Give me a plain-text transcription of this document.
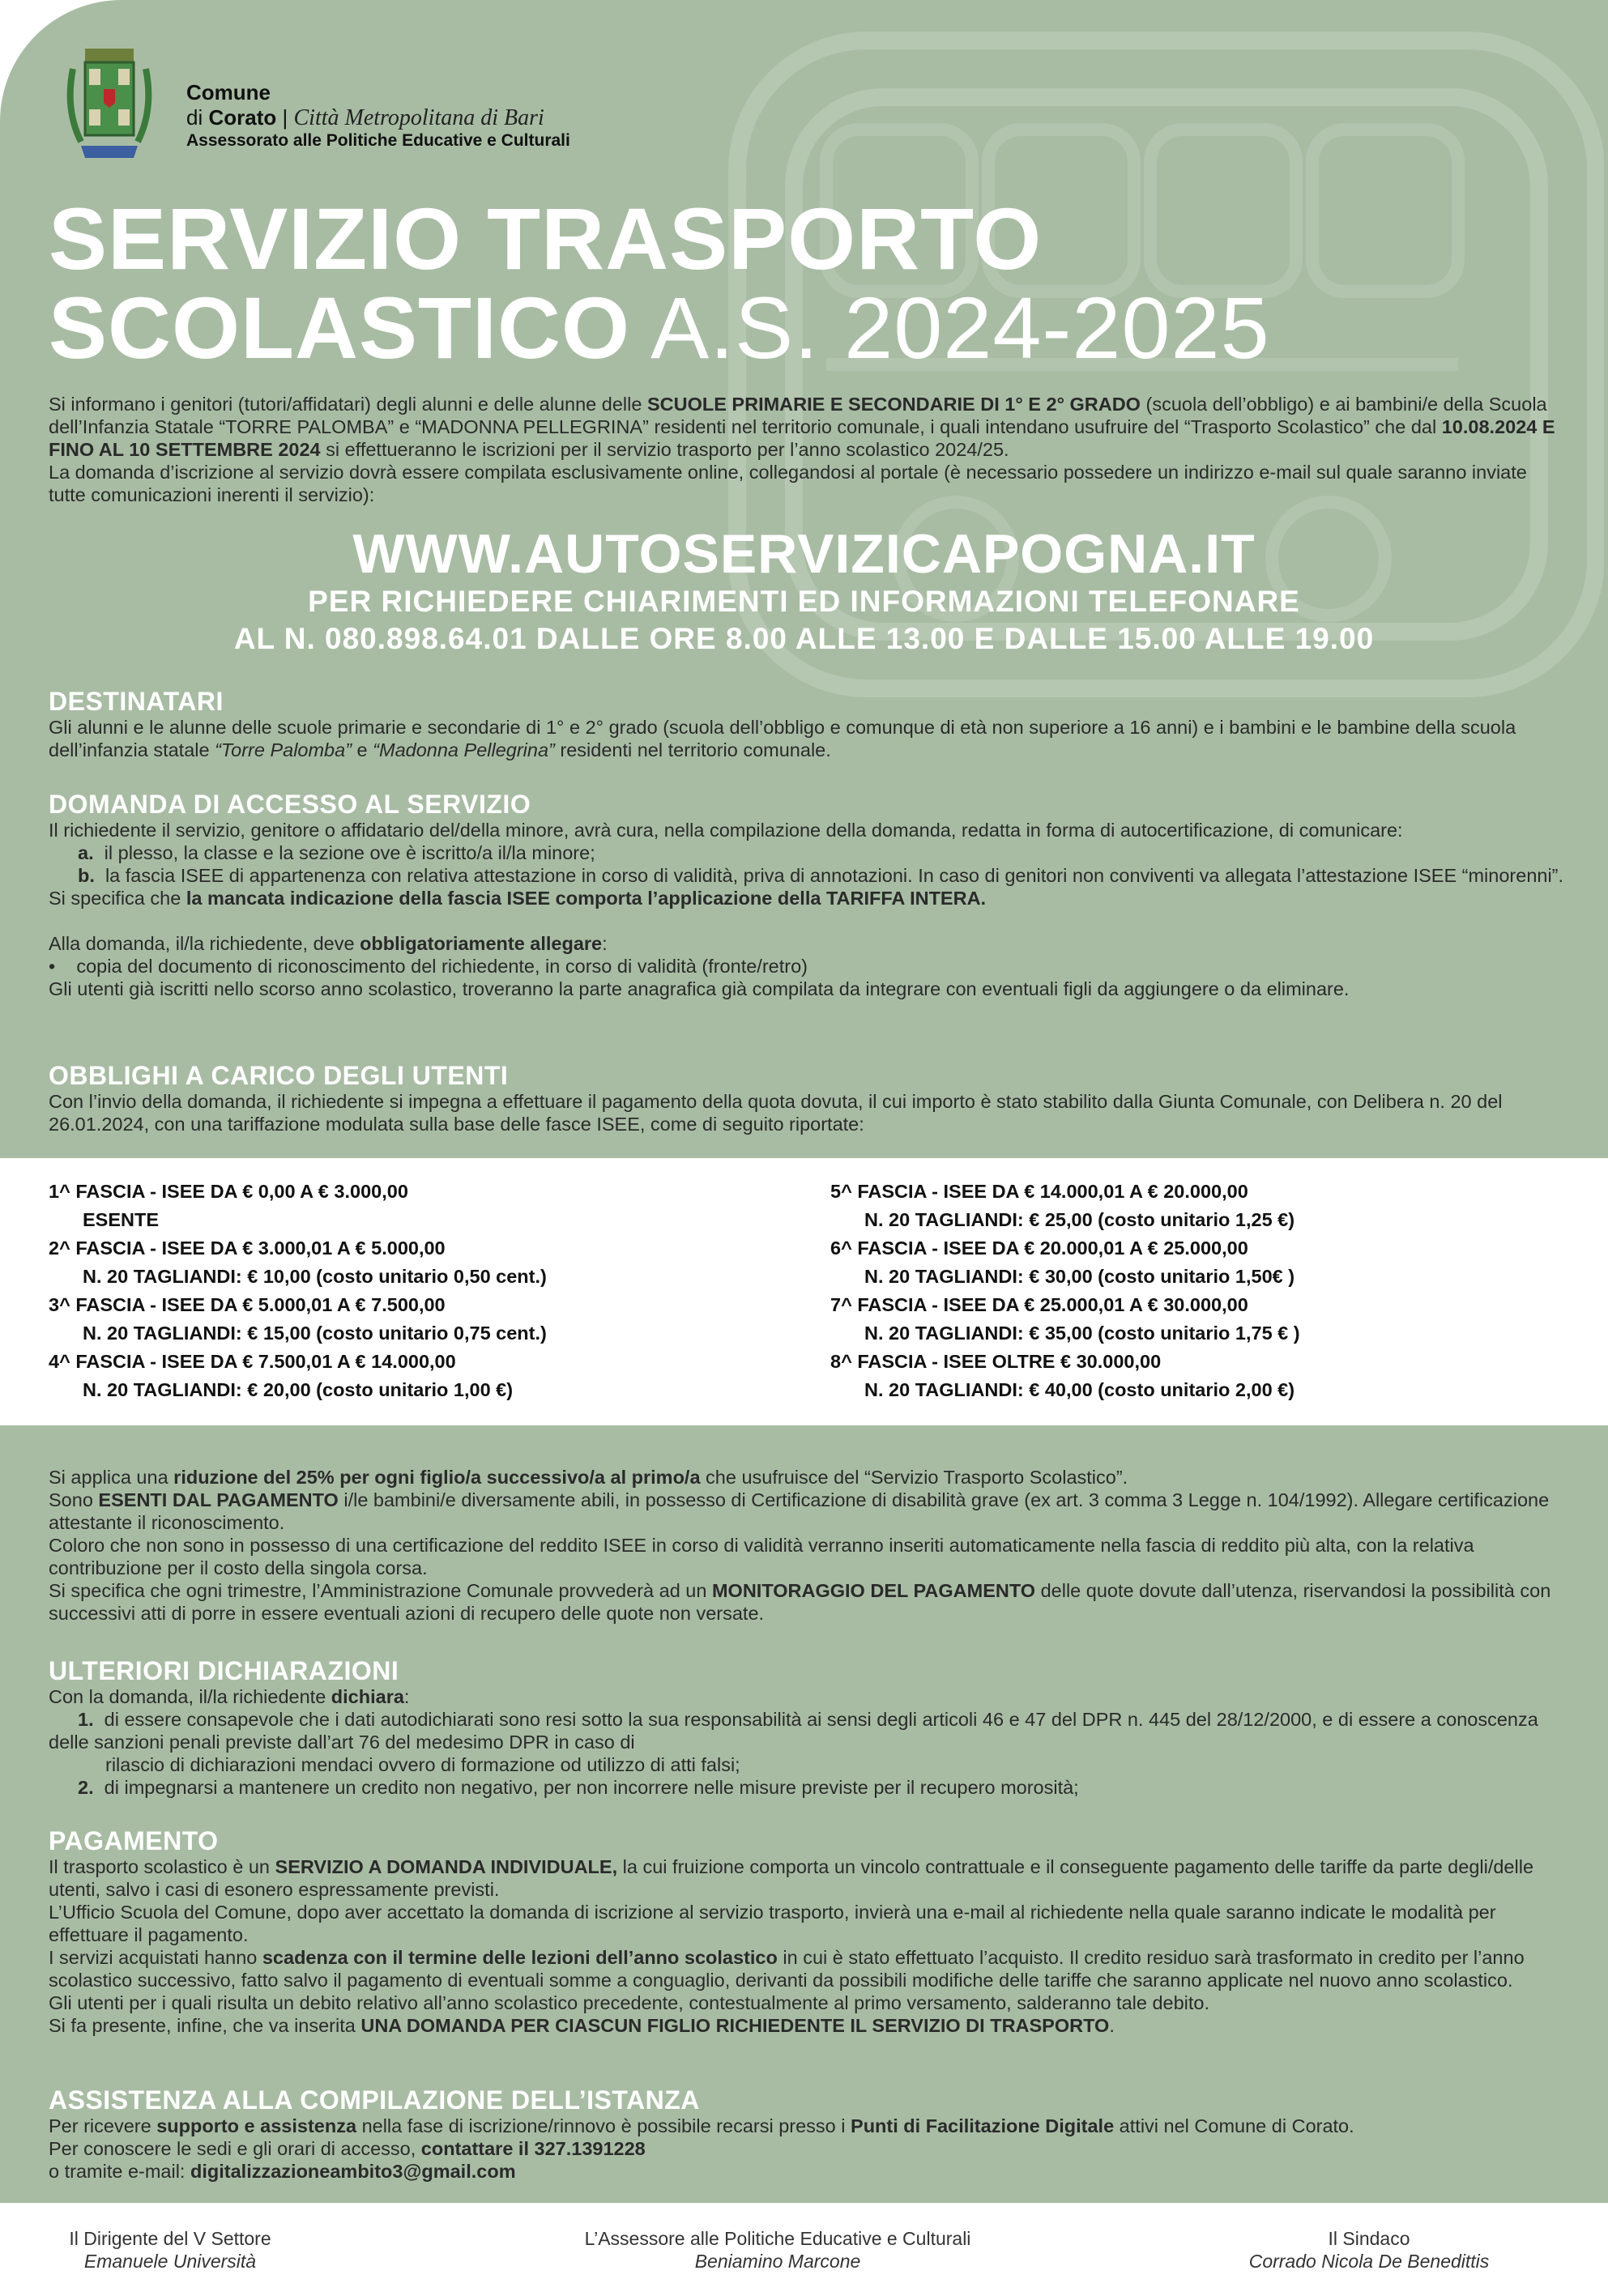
Comune
di Corato | Città Metropolitana di Bari
Assessorato alle Politiche Educative e Culturali
SERVIZIO TRASPORTO
SCOLASTICO A.S. 2024-2025

Si informano i genitori (tutori/affidatari) degli alunni e delle alunne delle SCUOLE PRIMARIE E SECONDARIE DI 1° E 2° GRADO (scuola dell’obbligo) e ai bambini/e della Scuola dell’Infanzia Statale “TORRE PALOMBA” e “MADONNA PELLEGRINA” residenti nel territorio comunale, i quali intendano usufruire del “Trasporto Scolastico” che dal 10.08.2024 E FINO AL 10 SETTEMBRE 2024 si effettueranno le iscrizioni per il servizio trasporto per l’anno scolastico 2024/25.

La domanda d’iscrizione al servizio dovrà essere compilata esclusivamente online, collegandosi al portale (è necessario possedere un indirizzo e-mail sul quale saranno inviate tutte comunicazioni inerenti il servizio):

WWW.AUTOSERVIZICAPOGNA.IT
PER RICHIEDERE CHIARIMENTI ED INFORMAZIONI TELEFONARE
AL N. 080.898.64.01 DALLE ORE 8.00 ALLE 13.00 E DALLE 15.00 ALLE 19.00
DESTINATARI

Gli alunni e le alunne delle scuole primarie e secondarie di 1° e 2° grado (scuola dell’obbligo e comunque di età non superiore a 16 anni) e i bambini e le bambine della scuola dell’infanzia statale “Torre Palomba” e “Madonna Pellegrina” residenti nel territorio comunale.

DOMANDA DI ACCESSO AL SERVIZIO

Il richiedente il servizio, genitore o affidatario del/della minore, avrà cura, nella compilazione della domanda, redatta in forma di autocertificazione, di comunicare:

a. il plesso, la classe e la sezione ove è iscritto/a il/la minore;

b. la fascia ISEE di appartenenza con relativa attestazione in corso di validità, priva di annotazioni. In caso di genitori non conviventi va allegata l’attestazione ISEE “minorenni”. Si specifica che la mancata indicazione della fascia ISEE comporta l’applicazione della TARIFFA INTERA.

Alla domanda, il/la richiedente, deve obbligatoriamente allegare:

• copia del documento di riconoscimento del richiedente, in corso di validità (fronte/retro)

Gli utenti già iscritti nello scorso anno scolastico, troveranno la parte anagrafica già compilata da integrare con eventuali figli da aggiungere o da eliminare.

OBBLIGHI A CARICO DEGLI UTENTI

Con l’invio della domanda, il richiedente si impegna a effettuare il pagamento della quota dovuta, il cui importo è stato stabilito dalla Giunta Comunale, con Delibera n. 20 del 26.01.2024, con una tariffazione modulata sulla base delle fasce ISEE, come di seguito riportate:

1^ FASCIA - ISEE DA € 0,00 A € 3.000,00
ESENTE
2^ FASCIA - ISEE DA € 3.000,01 A € 5.000,00
N. 20 TAGLIANDI: € 10,00 (costo unitario 0,50 cent.)
3^ FASCIA - ISEE DA € 5.000,01 A € 7.500,00
N. 20 TAGLIANDI: € 15,00 (costo unitario 0,75 cent.)
4^ FASCIA - ISEE DA € 7.500,01 A € 14.000,00
N. 20 TAGLIANDI: € 20,00 (costo unitario 1,00 €)
5^ FASCIA - ISEE DA € 14.000,01 A € 20.000,00
N. 20 TAGLIANDI: € 25,00 (costo unitario 1,25 €)
6^ FASCIA - ISEE DA € 20.000,01 A € 25.000,00
N. 20 TAGLIANDI: € 30,00 (costo unitario 1,50€ )
7^ FASCIA - ISEE DA € 25.000,01 A € 30.000,00
N. 20 TAGLIANDI: € 35,00 (costo unitario 1,75 € )
8^ FASCIA - ISEE OLTRE € 30.000,00
N. 20 TAGLIANDI: € 40,00 (costo unitario 2,00 €)

Si applica una riduzione del 25% per ogni figlio/a successivo/a al primo/a che usufruisce del “Servizio Trasporto Scolastico”.

Sono ESENTI DAL PAGAMENTO i/le bambini/e diversamente abili, in possesso di Certificazione di disabilità grave (ex art. 3 comma 3 Legge n. 104/1992). Allegare certificazione attestante il riconoscimento.

Coloro che non sono in possesso di una certificazione del reddito ISEE in corso di validità verranno inseriti automaticamente nella fascia di reddito più alta, con la relativa contribuzione per il costo della singola corsa.

Si specifica che ogni trimestre, l’Amministrazione Comunale provvederà ad un MONITORAGGIO DEL PAGAMENTO delle quote dovute dall’utenza, riservandosi la possibilità con successivi atti di porre in essere eventuali azioni di recupero delle quote non versate.

ULTERIORI DICHIARAZIONI

Con la domanda, il/la richiedente dichiara:

1. di essere consapevole che i dati autodichiarati sono resi sotto la sua responsabilità ai sensi degli articoli 46 e 47 del DPR n. 445 del 28/12/2000, e di essere a conoscenza delle sanzioni penali previste dall’art 76 del medesimo DPR in caso di

rilascio di dichiarazioni mendaci ovvero di formazione od utilizzo di atti falsi;

2. di impegnarsi a mantenere un credito non negativo, per non incorrere nelle misure previste per il recupero morosità;

PAGAMENTO

Il trasporto scolastico è un SERVIZIO A DOMANDA INDIVIDUALE, la cui fruizione comporta un vincolo contrattuale e il conseguente pagamento delle tariffe da parte degli/delle utenti, salvo i casi di esonero espressamente previsti.

L’Ufficio Scuola del Comune, dopo aver accettato la domanda di iscrizione al servizio trasporto, invierà una e-mail al richiedente nella quale saranno indicate le modalità per effettuare il pagamento.

I servizi acquistati hanno scadenza con il termine delle lezioni dell’anno scolastico in cui è stato effettuato l’acquisto. Il credito residuo sarà trasformato in credito per l’anno scolastico successivo, fatto salvo il pagamento di eventuali somme a conguaglio, derivanti da possibili modifiche delle tariffe che saranno applicate nel nuovo anno scolastico.

Gli utenti per i quali risulta un debito relativo all’anno scolastico precedente, contestualmente al primo versamento, salderanno tale debito.

Si fa presente, infine, che va inserita UNA DOMANDA PER CIASCUN FIGLIO RICHIEDENTE IL SERVIZIO DI TRASPORTO.

ASSISTENZA ALLA COMPILAZIONE DELL’ISTANZA

Per ricevere supporto e assistenza nella fase di iscrizione/rinnovo è possibile recarsi presso i Punti di Facilitazione Digitale attivi nel Comune di Corato.

Per conoscere le sedi e gli orari di accesso, contattare il 327.1391228

o tramite e-mail: digitalizzazioneambito3@gmail.com

Il Dirigente del V Settore
Emanuele Università
L’Assessore alle Politiche Educative e Culturali
Beniamino Marcone
Il Sindaco
Corrado Nicola De Benedittis
